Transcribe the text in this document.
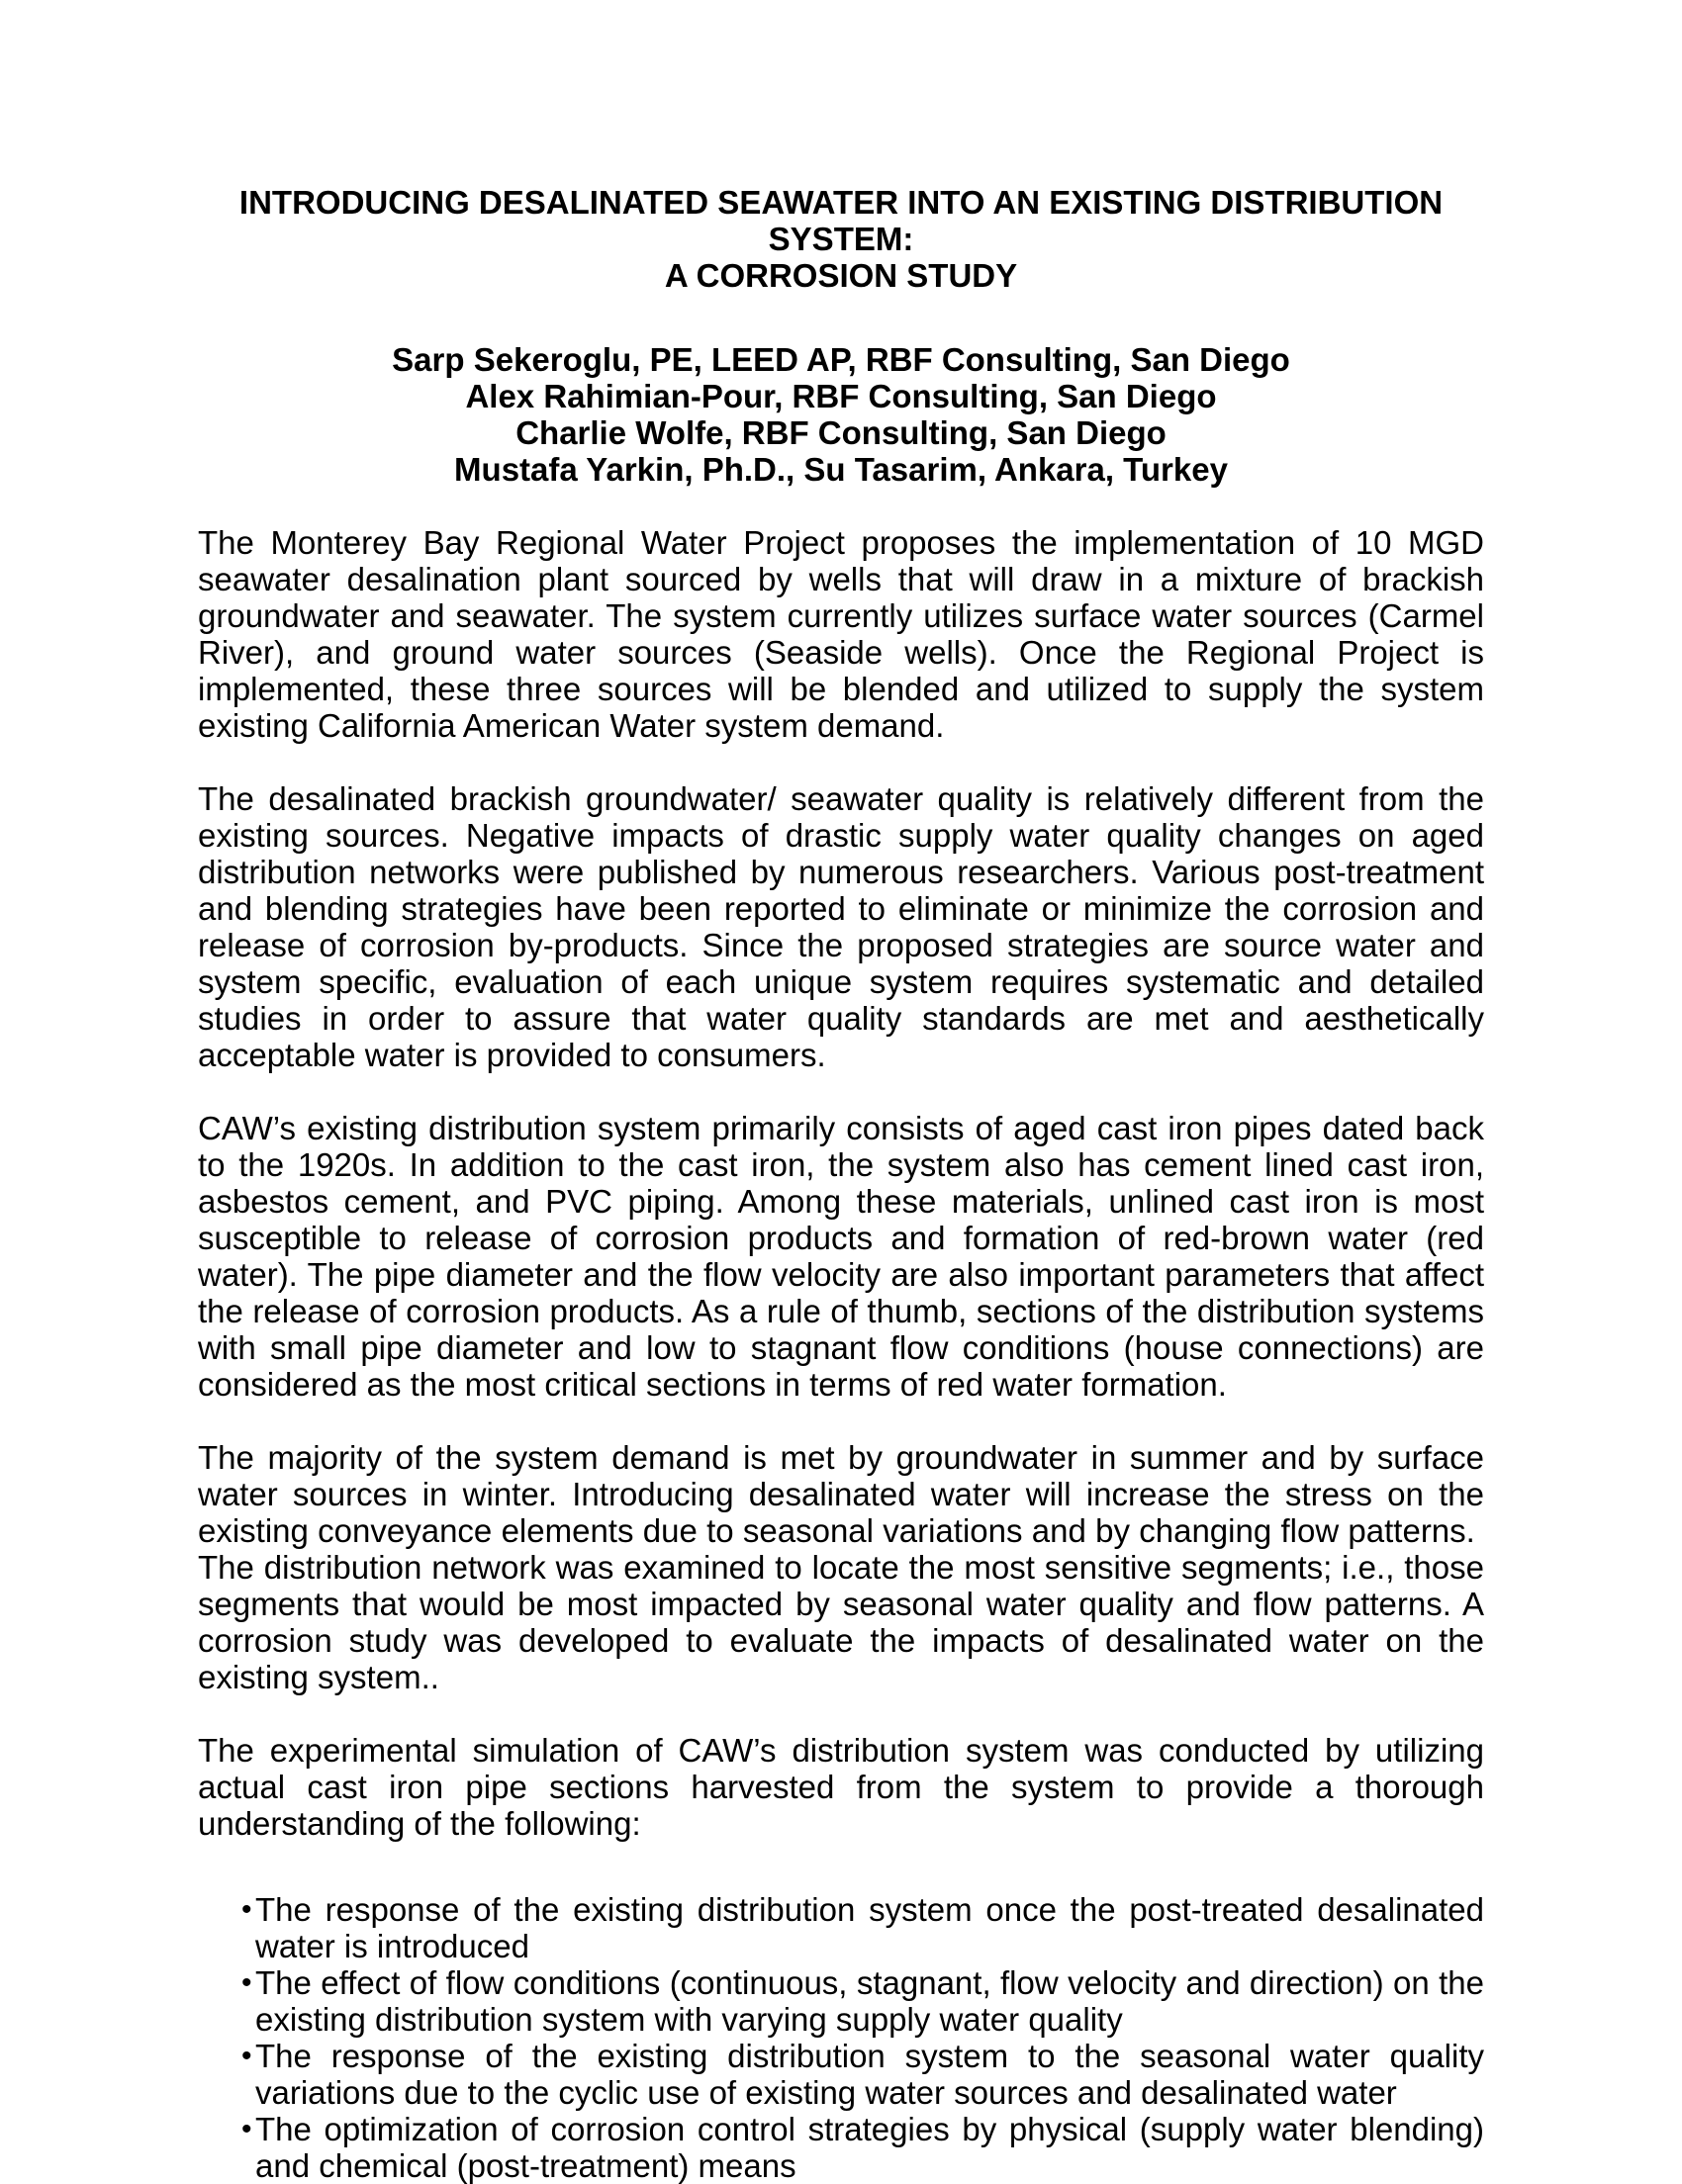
INTRODUCING DESALINATED SEAWATER INTO AN EXISTING DISTRIBUTION SYSTEM:
A CORROSION STUDY
Sarp Sekeroglu, PE, LEED AP, RBF Consulting, San Diego
Alex Rahimian-Pour, RBF Consulting, San Diego
Charlie Wolfe, RBF Consulting, San Diego
Mustafa Yarkin, Ph.D., Su Tasarim, Ankara, Turkey

The Monterey Bay Regional Water Project proposes the implementation of 10 MGD seawater desalination plant sourced by wells that will draw in a mixture of brackish groundwater and seawater. The system currently utilizes surface water sources (Carmel River), and ground water sources (Seaside wells). Once the Regional Project is implemented, these three sources will be blended and utilized to supply the system existing California American Water system demand.

The desalinated brackish groundwater/ seawater quality is relatively different from the existing sources. Negative impacts of drastic supply water quality changes on aged distribution networks were published by numerous researchers. Various post-treatment and blending strategies have been reported to eliminate or minimize the corrosion and release of corrosion by-products. Since the proposed strategies are source water and system specific, evaluation of each unique system requires systematic and detailed studies in order to assure that water quality standards are met and aesthetically acceptable water is provided to consumers.

CAW’s existing distribution system primarily consists of aged cast iron pipes dated back to the 1920s. In addition to the cast iron, the system also has cement lined cast iron, asbestos cement, and PVC piping. Among these materials, unlined cast iron is most susceptible to release of corrosion products and formation of red-brown water (red water). The pipe diameter and the flow velocity are also important parameters that affect the release of corrosion products. As a rule of thumb, sections of the distribution systems with small pipe diameter and low to stagnant flow conditions (house connections) are considered as the most critical sections in terms of red water formation.

The majority of the system demand is met by groundwater in summer and by surface water sources in winter. Introducing desalinated water will increase the stress on the existing conveyance elements due to seasonal variations and by changing flow patterns.  The distribution network was examined to locate the most sensitive segments; i.e., those segments that would be most impacted by seasonal water quality and flow patterns. A corrosion study was developed to evaluate the impacts of desalinated water on the existing system..

The experimental simulation of CAW’s distribution system was conducted by utilizing actual cast iron pipe sections harvested from the system to provide a thorough understanding of the following:

• The response of the existing distribution system once the post-treated desalinated water is introduced
• The effect of flow conditions (continuous, stagnant, flow velocity and direction) on the existing distribution system with varying supply water quality
• The response of the existing distribution system to the seasonal water quality variations due to the cyclic use of existing water sources and desalinated water
• The optimization of corrosion control strategies by physical (supply water blending) and chemical (post-treatment) means
